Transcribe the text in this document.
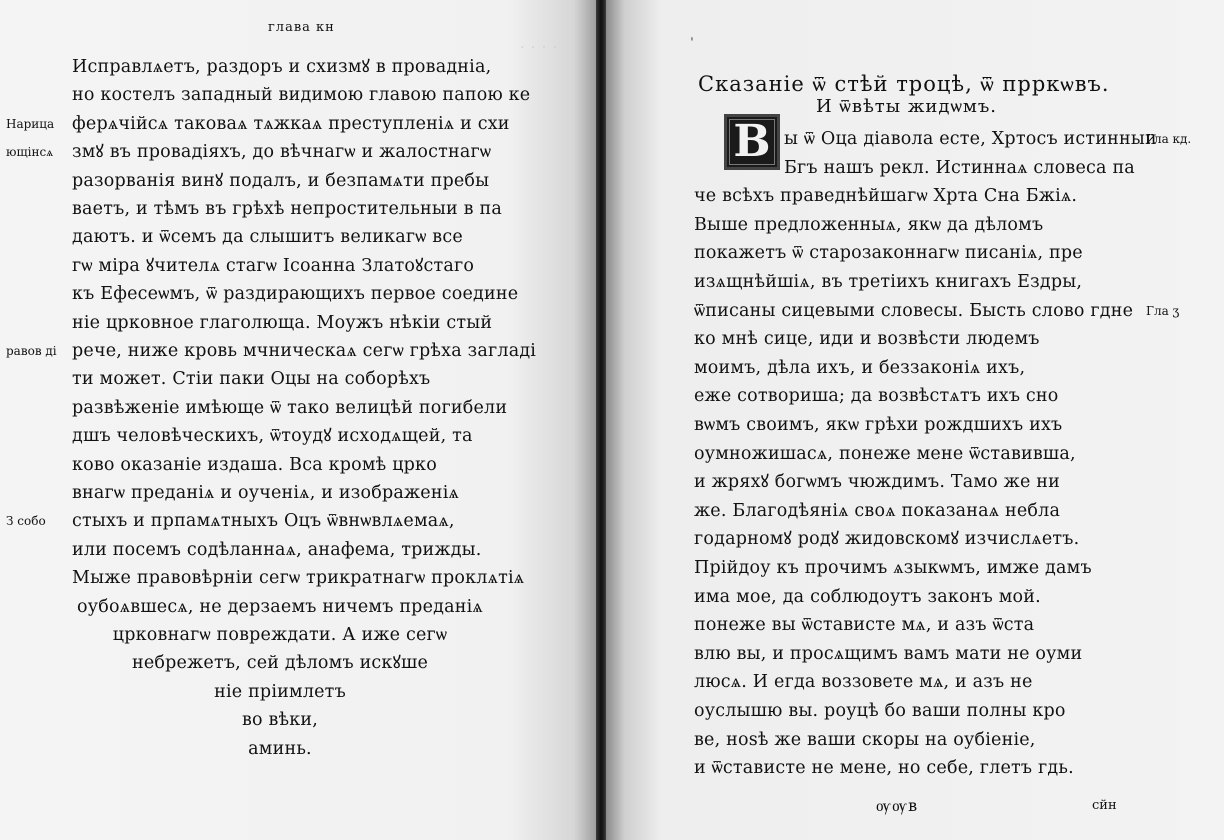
· · · ·
глава кн
Нарица
ющінсѧ
равов ді
З собо
Исправлѧетъ, раздоръ и схизмꙋ в провадніа,
но костелъ западный видимою главою папою ке
ферѧчійсѧ таковаѧ тѧжкаѧ преступленіѧ и схи
змꙋ въ провадіяхъ, до вѣчнагѡ и жалостнагѡ
разорванія винꙋ подалъ, и безпамѧти пребы
ваетъ, и тѣмъ въ грѣхѣ непростительныи в па
даютъ. и ѿсемъ да слышитъ великагѡ все
гѡ міра ꙋчителѧ стагѡ Ісоанна Златоꙋстаго
къ Ефесеѡмъ, ѿ раздирающихъ первое соедине
ніе црковное глаголюща. Моужъ нѣкіи стый
рече, ниже кровь мчническаѧ сегѡ грѣха загладі
ти может. Стіи паки Оцы на соборѣхъ
развѣженіе имѣюще ѿ тако велицѣй погибели
дшъ человѣческихъ, ѿтоудꙋ исходѧщей, та
ково оказаніе издаша. Вса кромѣ црко
внагѡ преданіѧ и оученіѧ, и изображеніѧ
стыхъ и прпамѧтныхъ Оцъ ѿвнѡвлѧемаѧ,
или посемъ содѣланнаѧ, анафема, трижды.
Мыже правовѣрніи сегѡ трикратнагѡ проклѧтіѧ
оубоѧвшесѧ, не дерзаемъ ничемъ преданіѧ
црковнагѡ повреждати. А иже сегѡ
небрежетъ, сей дѣломъ искꙋше
ніе пріимлетъ
во вѣки,
аминь.
ˈ
Сказаніе ѿ стѣй троцѣ, ѿ прркѡвъ.
И ѿвѣты жидѡмъ.
В	Гла кд.
Гла ӡ
ы ѿ Оца діавола есте, Хртосъ истинныи
Бгъ нашъ рекл. Истиннаѧ словеса па
че всѣхъ праведнѣйшагѡ Хрта Сна Бжіѧ.
Выше предложенныѧ, якѡ да дѣломъ
покажетъ ѿ старозаконнагѡ писаніѧ, пре
изѧщнѣйшіѧ, въ третіихъ книгахъ Ездры,
ѿписаны сицевыми словесы. Бысть слово гдне
ко мнѣ сице, иди и возвѣсти людемъ
моимъ, дѣла ихъ, и беззаконіѧ ихъ,
еже сотвориша; да возвѣстѧтъ ихъ сно
вѡмъ своимъ, якѡ грѣхи рождшихъ ихъ
оумножишасѧ, понеже мене ѿставивша,
и жряхꙋ богѡмъ чюждимъ. Тамо же ни
же. Благодѣяніѧ своѧ показанаѧ небла
годарномꙋ родꙋ жидовскомꙋ изчислѧетъ.
Прійдоу къ прочимъ ѧзыкѡмъ, имже дамъ
има мое, да соблюдоутъ законъ мой.
понеже вы ѿстависте мѧ, и азъ ѿста
влю вы, и просѧщимъ вамъ мати не оуми
люсѧ. И егда воззовете мѧ, и азъ не
оуслышю вы. роуцѣ бо ваши полны кро
ве, ноѕѣ же ваши скоры на оубіеніе,
и ѿстависте не мене, но себе, глетъ гдь.
ѹѹв	сйн
